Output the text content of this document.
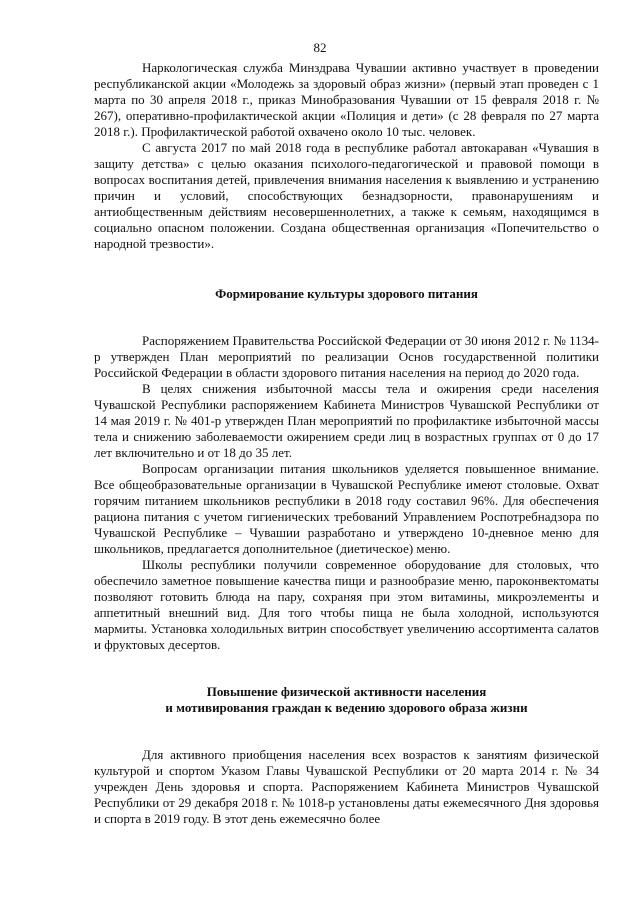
82

Наркологическая служба Минздрава Чувашии активно участвует в проведении республиканской акции «Молодежь за здоровый образ жизни» (первый этап проведен с 1 марта по 30 апреля 2018 г., приказ Минобразования Чувашии от 15 февраля 2018 г. № 267), оперативно-профилактической акции «Полиция и дети» (с 28 февраля по 27 марта 2018 г.). Профилактической работой охвачено около 10 тыс. человек.

С августа 2017 по май 2018 года в республике работал автокараван «Чувашия в защиту детства» с целью оказания психолого-педагогической и правовой помощи в вопросах воспитания детей, привлечения внимания населения к выявлению и устранению причин и условий, способствующих безнадзорности, правонарушениям и антиобщественным действиям несовершеннолетних, а также к семьям, находящимся в социально опасном положении. Создана общественная организация «Попечительство о народной трезвости».

Формирование культуры здорового питания

Распоряжением Правительства Российской Федерации от 30 июня 2012 г. № 1134-р утвержден План мероприятий по реализации Основ государственной политики Российской Федерации в области здорового питания населения на период до 2020 года.

В целях снижения избыточной массы тела и ожирения среди населения Чувашской Республики распоряжением Кабинета Министров Чувашской Республики от 14 мая 2019 г. № 401-р утвержден План мероприятий по профилактике избыточной массы тела и снижению заболеваемости ожирением среди лиц в возрастных группах от 0 до 17 лет включительно и от 18 до 35 лет.

Вопросам организации питания школьников уделяется повышенное внимание. Все общеобразовательные организации в Чувашской Республике имеют столовые. Охват горячим питанием школьников республики в 2018 году составил 96%. Для обеспечения рациона питания с учетом гигиенических требований Управлением Роспотребнадзора по Чувашской Республике – Чувашии разработано и утверждено 10-дневное меню для школьников, предлагается дополнительное (диетическое) меню.

Школы республики получили современное оборудование для столовых, что обеспечило заметное повышение качества пищи и разнообразие меню, пароконвектоматы позволяют готовить блюда на пару, сохраняя при этом витамины, микроэлементы и аппетитный внешний вид. Для того чтобы пища не была холодной, используются мармиты. Установка холодильных витрин способствует увеличению ассортимента салатов и фруктовых десертов.

Повышение физической активности населения
и мотивирования граждан к ведению здорового образа жизни

Для активного приобщения населения всех возрастов к занятиям физической культурой и спортом Указом Главы Чувашской Республики от 20 марта 2014 г. № 34 учрежден День здоровья и спорта. Распоряжением Кабинета Министров Чувашской Республики от 29 декабря 2018 г. № 1018-р установлены даты ежемесячного Дня здоровья и спорта в 2019 году. В этот день ежемесячно более
